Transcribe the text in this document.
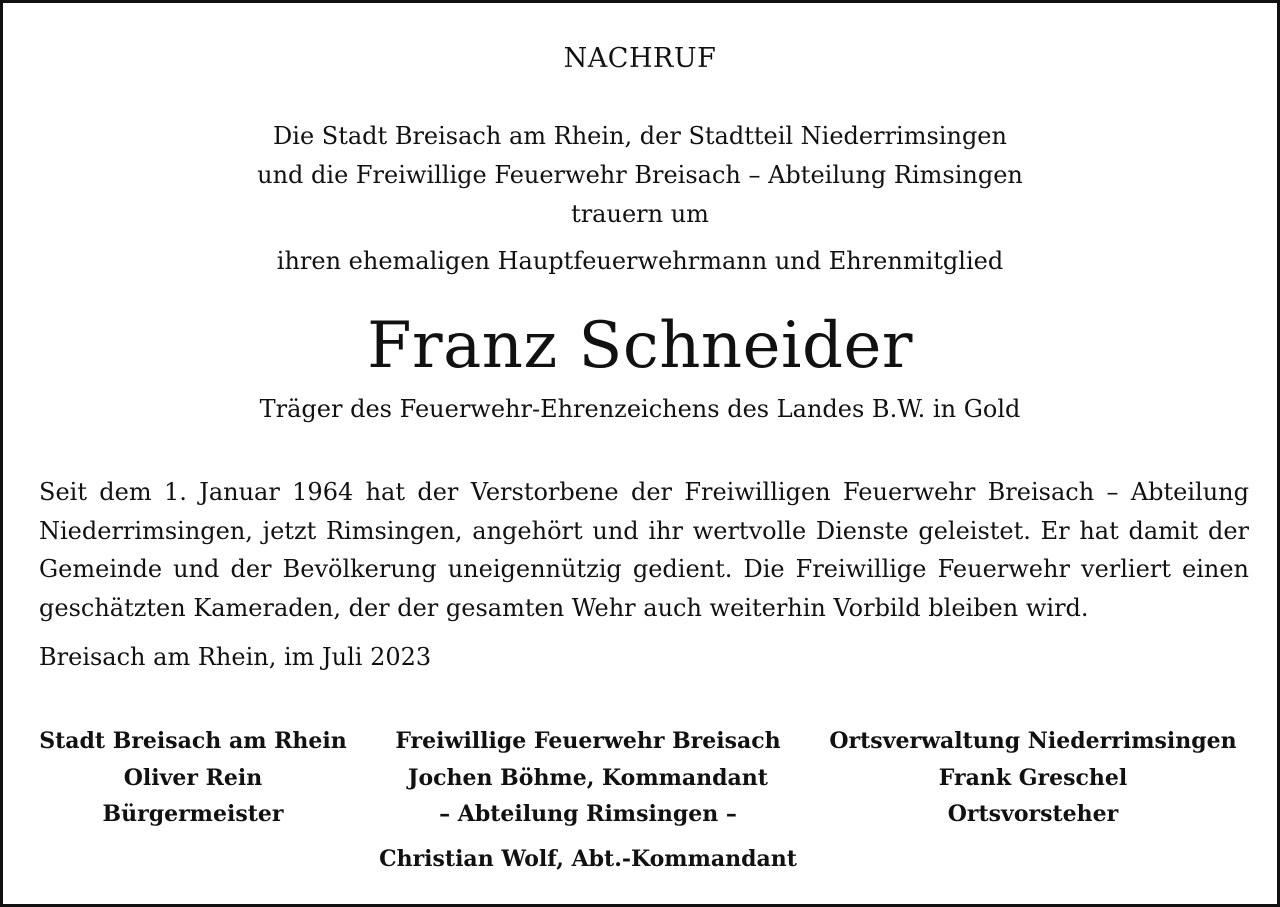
NACHRUF
Die Stadt Breisach am Rhein, der Stadtteil Niederrimsingen
und die Freiwillige Feuerwehr Breisach – Abteilung Rimsingen
trauern um
ihren ehemaligen Hauptfeuerwehrmann und Ehrenmitglied
Franz Schneider
Träger des Feuerwehr-Ehrenzeichens des Landes B.W. in Gold
Seit dem 1. Januar 1964 hat der Verstorbene der Freiwilligen Feuerwehr Breisach – Abteilung
Niederrimsingen, jetzt Rimsingen, angehört und ihr wertvolle Dienste geleistet. Er hat damit der
Gemeinde und der Bevölkerung uneigennützig gedient. Die Freiwillige Feuerwehr verliert einen
geschätzten Kameraden, der der gesamten Wehr auch weiterhin Vorbild bleiben wird.
Breisach am Rhein, im Juli 2023
Stadt Breisach am Rhein
Oliver Rein
Bürgermeister
Freiwillige Feuerwehr Breisach
Jochen Böhme, Kommandant
– Abteilung Rimsingen –
Christian Wolf, Abt.-Kommandant
Ortsverwaltung Niederrimsingen
Frank Greschel
Ortsvorsteher
